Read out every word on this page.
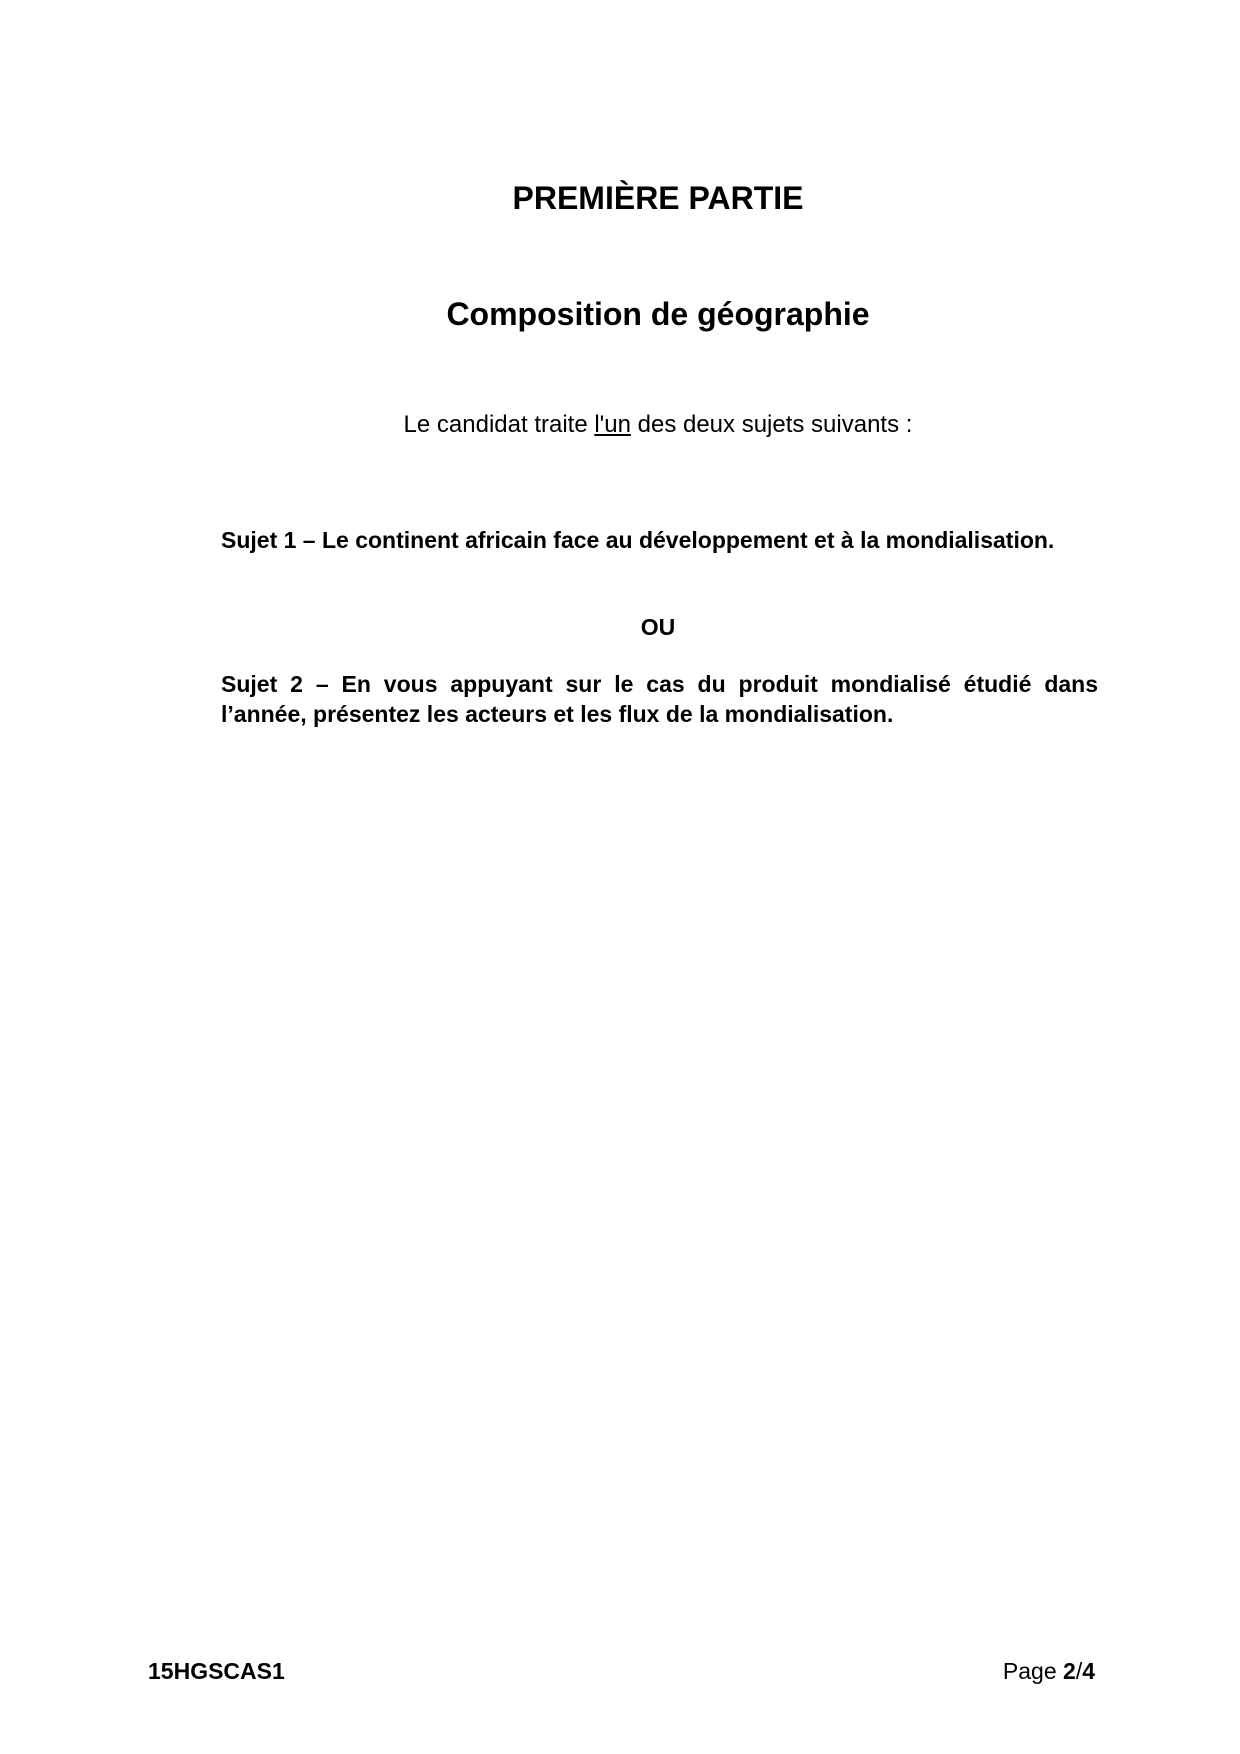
PREMIÈRE PARTIE
Composition de géographie
Le candidat traite l'un des deux sujets suivants :
Sujet 1 – Le continent africain face au développement et à la mondialisation.
OU
Sujet 2 – En vous appuyant sur le cas du produit mondialisé étudié dans
l’année, présentez les acteurs et les flux de la mondialisation.
15HGSCAS1	Page 2/4
